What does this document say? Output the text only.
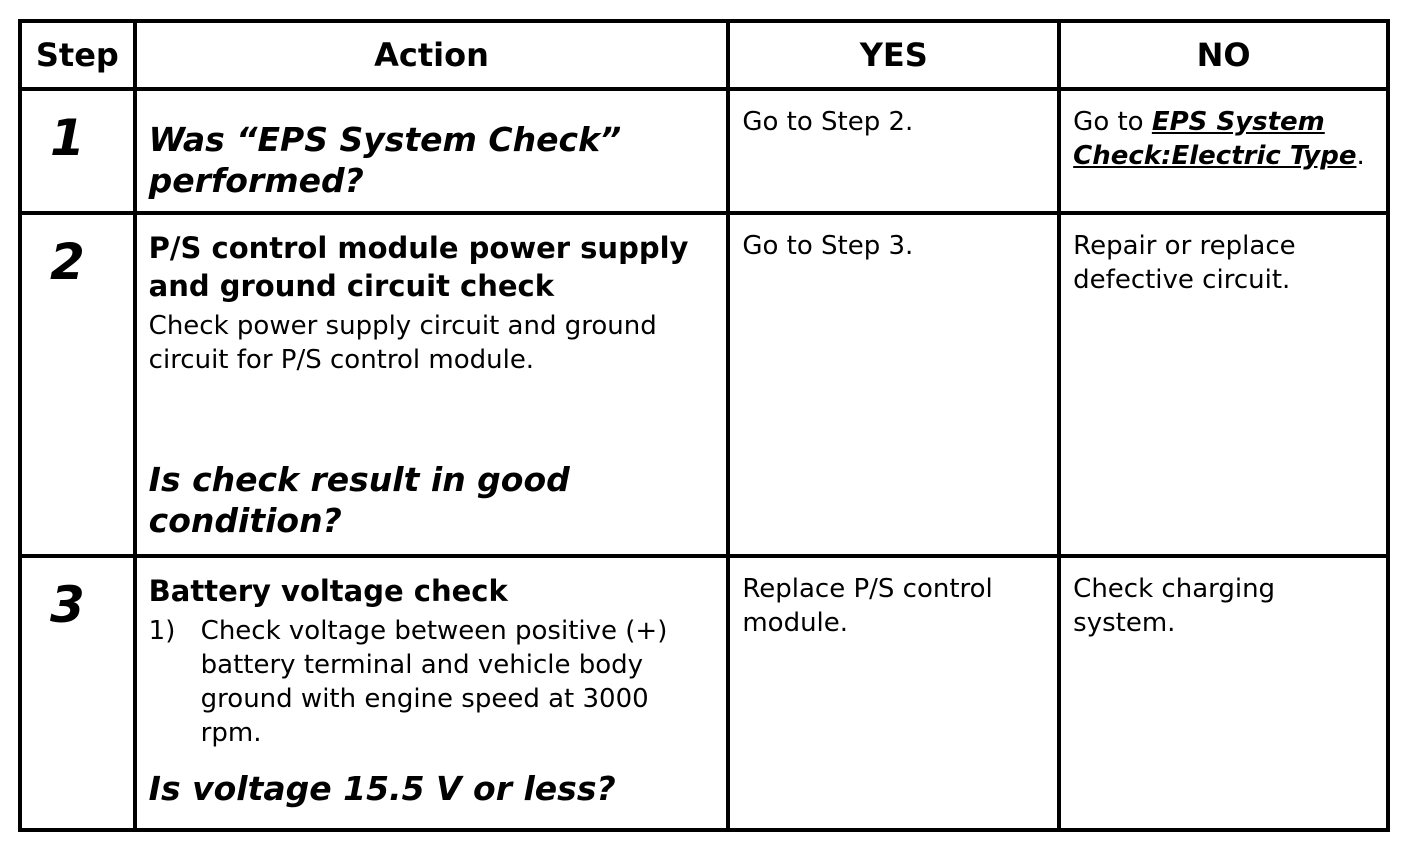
Step	Action	YES	NO

1	Was “EPS System Check” performed?	Go to Step 2.	Go to EPS System Check:Electric Type.

2	P/S control module power supply and ground circuit check
Check power supply circuit and ground circuit for P/S control module.
Is check result in good condition?	Go to Step 3.	Repair or replace defective circuit.

3	Battery voltage check
1) Check voltage between positive (+) battery terminal and vehicle body ground with engine speed at 3000 rpm.
Is voltage 15.5 V or less?	Replace P/S control module.	Check charging system.
